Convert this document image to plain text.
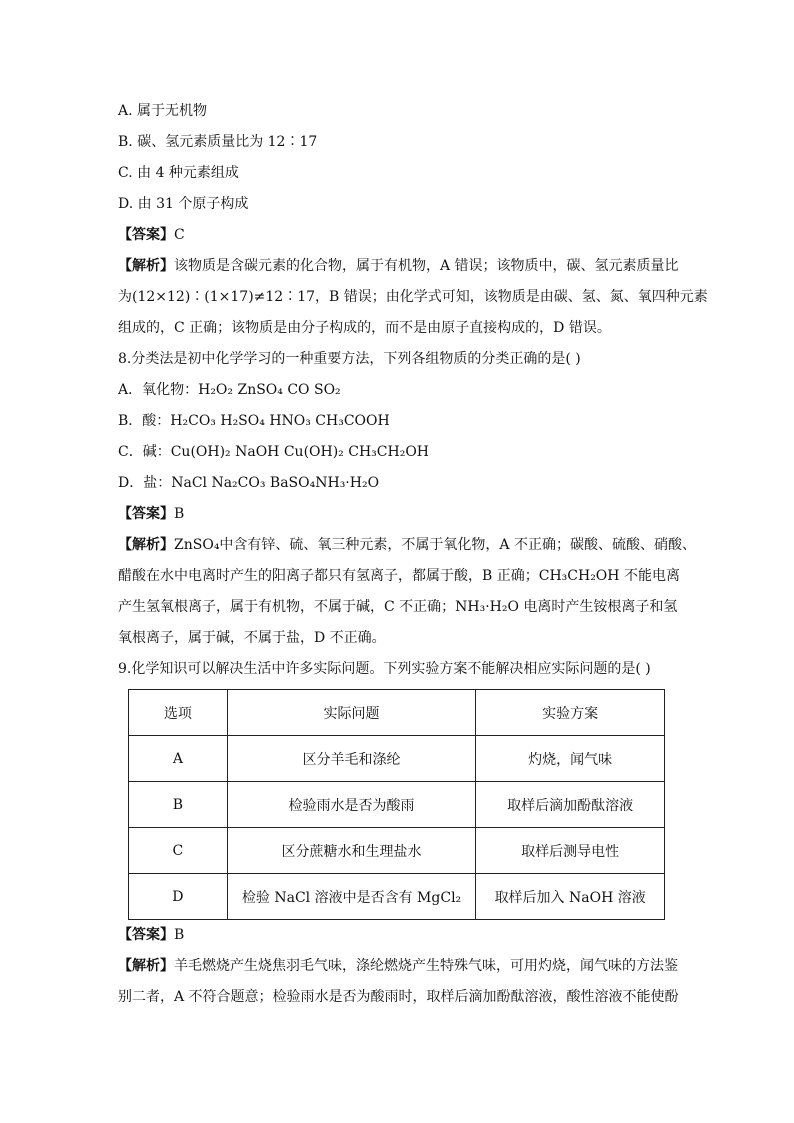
A. 属于无机物
B. 碳、氢元素质量比为 12∶17
C. 由 4 种元素组成
D. 由 31 个原子构成
【答案】C
【解析】该物质是含碳元素的化合物，属于有机物，A 错误；该物质中，碳、氢元素质量比
为(12×12)∶(1×17)≠12∶17，B 错误；由化学式可知，该物质是由碳、氢、氮、氧四种元素
组成的，C 正确；该物质是由分子构成的，而不是由原子直接构成的，D 错误。
8.分类法是初中化学学习的一种重要方法，下列各组物质的分类正确的是( )
A．氧化物：H₂O₂ ZnSO₄ CO SO₂
B．酸：H₂CO₃ H₂SO₄ HNO₃ CH₃COOH
C．碱：Cu(OH)₂ NaOH Cu(OH)₂ CH₃CH₂OH
D．盐：NaCl Na₂CO₃ BaSO₄NH₃·H₂O
【答案】B
【解析】ZnSO₄中含有锌、硫、氧三种元素，不属于氧化物，A 不正确；碳酸、硫酸、硝酸、
醋酸在水中电离时产生的阳离子都只有氢离子，都属于酸，B 正确；CH₃CH₂OH 不能电离
产生氢氧根离子，属于有机物，不属于碱，C 不正确；NH₃·H₂O 电离时产生铵根离子和氢
氧根离子，属于碱，不属于盐，D 不正确。
9.化学知识可以解决生活中许多实际问题。下列实验方案不能解决相应实际问题的是( )
选项	实际问题	实验方案
A	区分羊毛和涤纶	灼烧，闻气味
B	检验雨水是否为酸雨	取样后滴加酚酞溶液
C	区分蔗糖水和生理盐水	取样后测导电性
D	检验 NaCl 溶液中是否含有 MgCl₂	取样后加入 NaOH 溶液
【答案】B
【解析】羊毛燃烧产生烧焦羽毛气味，涤纶燃烧产生特殊气味，可用灼烧，闻气味的方法鉴
别二者，A 不符合题意；检验雨水是否为酸雨时，取样后滴加酚酞溶液，酸性溶液不能使酚
